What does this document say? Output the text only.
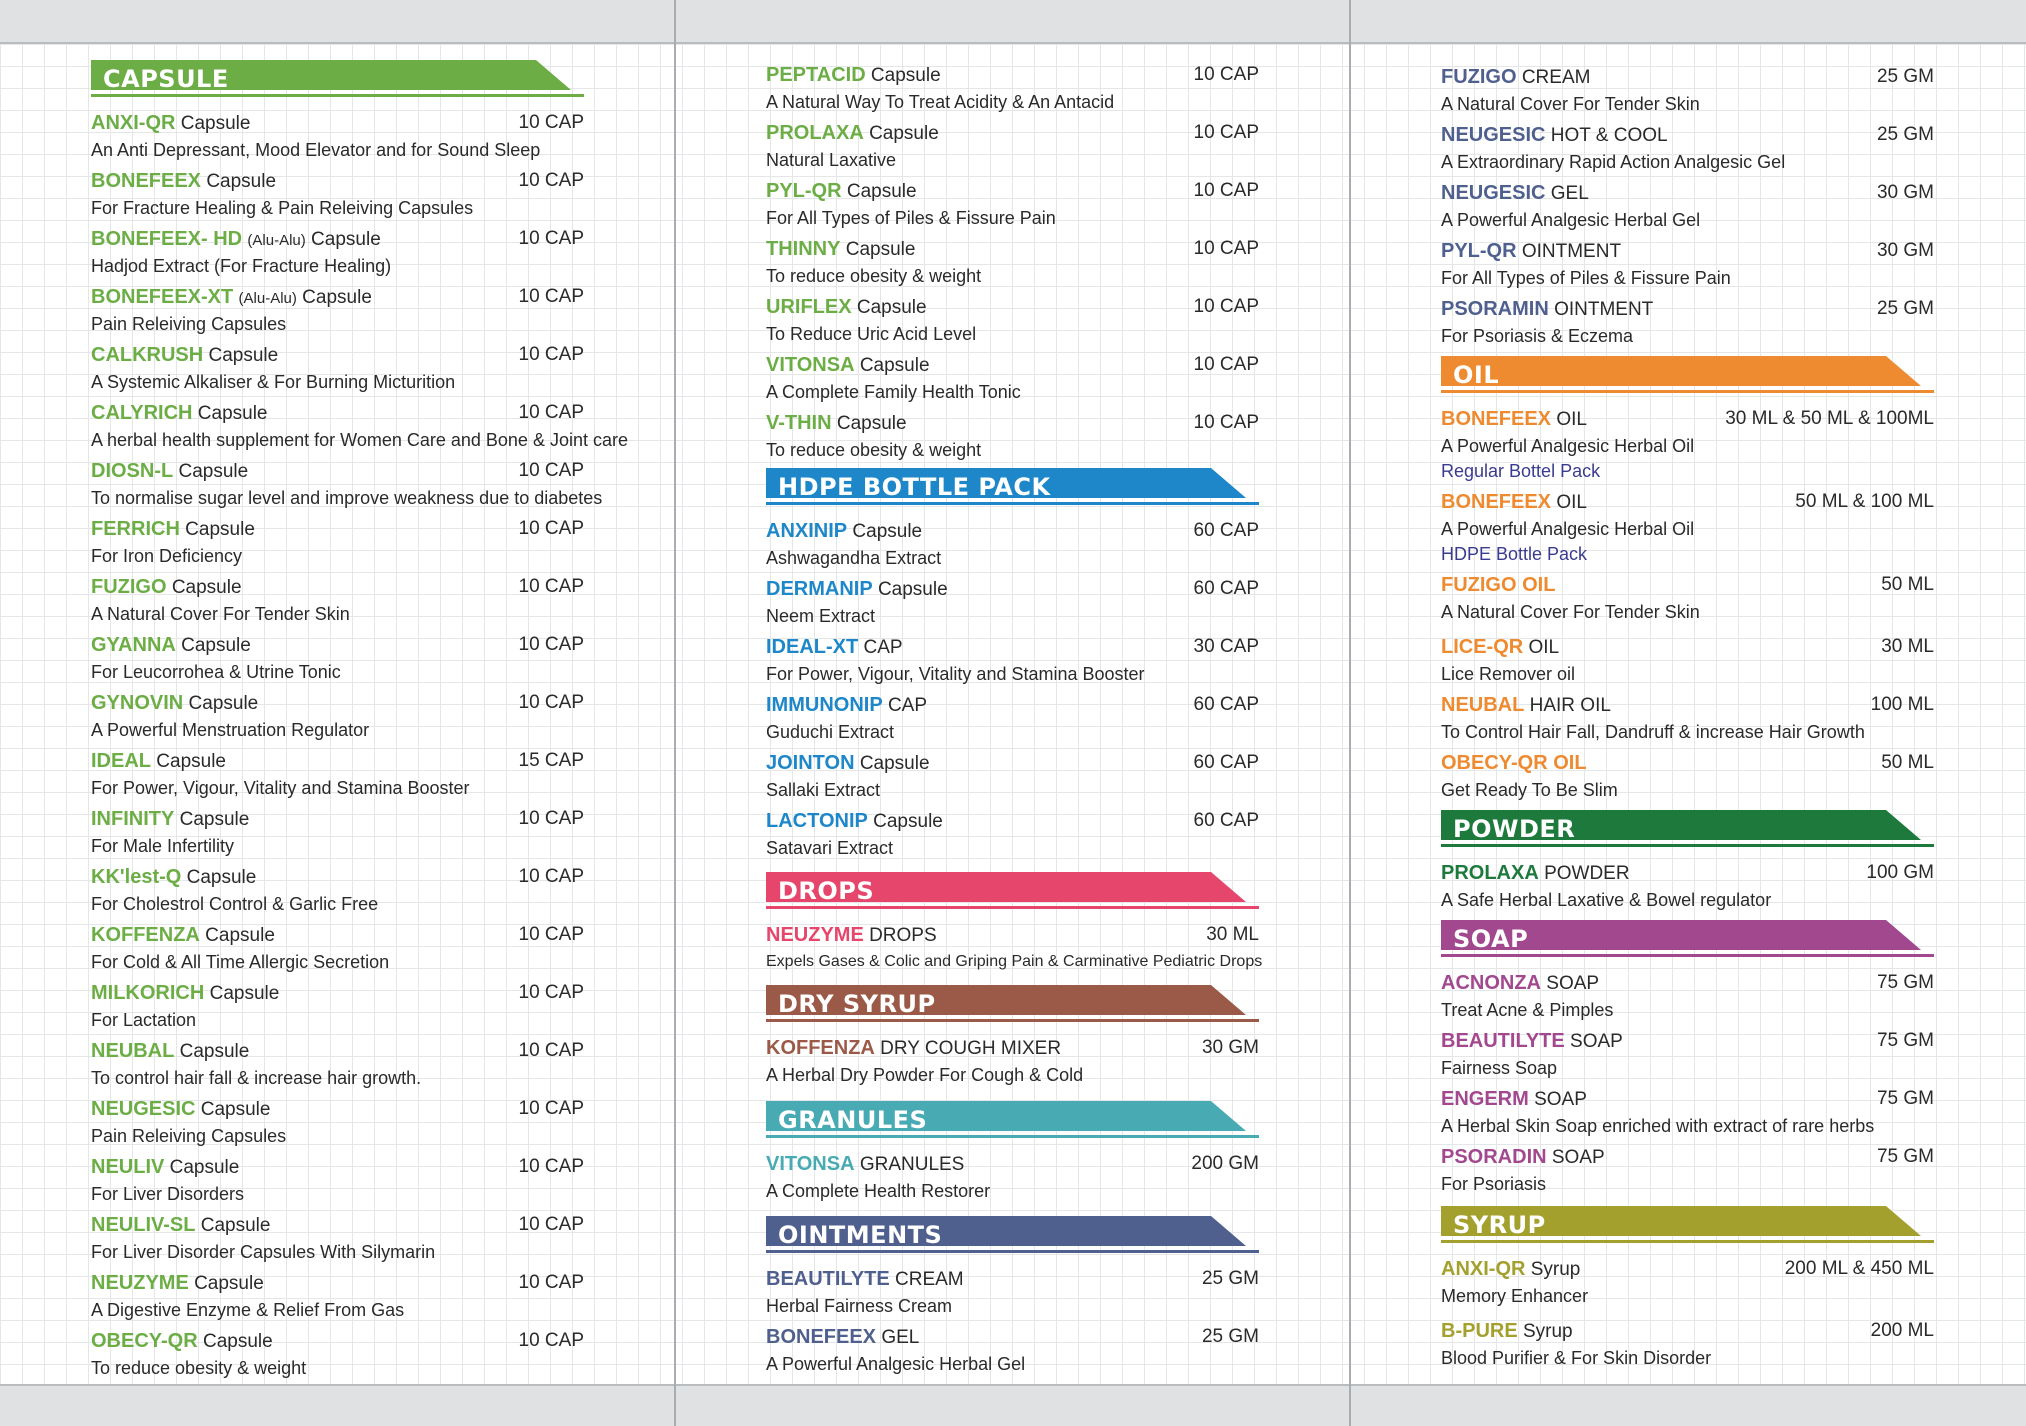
CAPSULE
ANXI-QR Capsule	10 CAP
An Anti Depressant, Mood Elevator and for Sound Sleep
BONEFEEX Capsule	10 CAP
For Fracture Healing & Pain Releiving Capsules
BONEFEEX- HD (Alu-Alu) Capsule	10 CAP
Hadjod Extract (For Fracture Healing)
BONEFEEX-XT (Alu-Alu) Capsule	10 CAP
Pain Releiving Capsules
CALKRUSH Capsule	10 CAP
A Systemic Alkaliser & For Burning Micturition
CALYRICH Capsule	10 CAP
A herbal health supplement for Women Care and Bone & Joint care
DIOSN-L Capsule	10 CAP
To normalise sugar level and improve weakness due to diabetes
FERRICH Capsule	10 CAP
For Iron Deficiency
FUZIGO Capsule	10 CAP
A Natural Cover For Tender Skin
GYANNA Capsule	10 CAP
For Leucorrohea & Utrine Tonic
GYNOVIN Capsule	10 CAP
A Powerful Menstruation Regulator
IDEAL Capsule	15 CAP
For Power, Vigour, Vitality and Stamina Booster
INFINITY Capsule	10 CAP
For Male Infertility
KK'lest-Q Capsule	10 CAP
For Cholestrol Control & Garlic Free
KOFFENZA Capsule	10 CAP
For Cold & All Time Allergic Secretion
MILKORICH Capsule	10 CAP
For Lactation
NEUBAL Capsule	10 CAP
To control hair fall & increase hair growth.
NEUGESIC Capsule	10 CAP
Pain Releiving Capsules
NEULIV Capsule	10 CAP
For Liver Disorders
NEULIV-SL Capsule	10 CAP
For Liver Disorder Capsules With Silymarin
NEUZYME Capsule	10 CAP
A Digestive Enzyme & Relief From Gas
OBECY-QR Capsule	10 CAP
To reduce obesity & weight
PEPTACID Capsule	10 CAP
A Natural Way To Treat Acidity & An Antacid
PROLAXA Capsule	10 CAP
Natural Laxative
PYL-QR Capsule	10 CAP
For All Types of Piles & Fissure Pain
THINNY Capsule	10 CAP
To reduce obesity & weight
URIFLEX Capsule	10 CAP
To Reduce Uric Acid Level
VITONSA Capsule	10 CAP
A Complete Family Health Tonic
V-THIN Capsule	10 CAP
To reduce obesity & weight
HDPE BOTTLE PACK
ANXINIP Capsule	60 CAP
Ashwagandha Extract
DERMANIP Capsule	60 CAP
Neem Extract
IDEAL-XT CAP	30 CAP
For Power, Vigour, Vitality and Stamina Booster
IMMUNONIP CAP	60 CAP
Guduchi Extract
JOINTON Capsule	60 CAP
Sallaki Extract
LACTONIP Capsule	60 CAP
Satavari Extract
DROPS
NEUZYME DROPS	30 ML
Expels Gases & Colic and Griping Pain & Carminative Pediatric Drops
DRY SYRUP
KOFFENZA DRY COUGH MIXER	30 GM
A Herbal Dry Powder For Cough & Cold
GRANULES
VITONSA GRANULES	200 GM
A Complete Health Restorer
OINTMENTS
BEAUTILYTE CREAM	25 GM
Herbal Fairness Cream
BONEFEEX GEL	25 GM
A Powerful Analgesic Herbal Gel
FUZIGO CREAM	25 GM
A Natural Cover For Tender Skin
NEUGESIC HOT & COOL	25 GM
A Extraordinary Rapid Action Analgesic Gel
NEUGESIC GEL	30 GM
A Powerful Analgesic Herbal Gel
PYL-QR OINTMENT	30 GM
For All Types of Piles & Fissure Pain
PSORAMIN OINTMENT	25 GM
For Psoriasis & Eczema
OIL
BONEFEEX OIL	30 ML & 50 ML & 100ML
A Powerful Analgesic Herbal Oil
Regular Bottel Pack
BONEFEEX OIL	50 ML & 100 ML
A Powerful Analgesic Herbal Oil
HDPE Bottle Pack
FUZIGO OIL	50 ML
A Natural Cover For Tender Skin
LICE-QR OIL	30 ML
Lice Remover oil
NEUBAL HAIR OIL	100 ML
To Control Hair Fall, Dandruff & increase Hair Growth
OBECY-QR OIL	50 ML
Get Ready To Be Slim
POWDER
PROLAXA POWDER	100 GM
A Safe Herbal Laxative & Bowel regulator
SOAP
ACNONZA SOAP	75 GM
Treat Acne & Pimples
BEAUTILYTE SOAP	75 GM
Fairness Soap
ENGERM SOAP	75 GM
A Herbal Skin Soap enriched with extract of rare herbs
PSORADIN SOAP	75 GM
For Psoriasis
SYRUP
ANXI-QR Syrup	200 ML & 450 ML
Memory Enhancer
B-PURE Syrup	200 ML
Blood Purifier & For Skin Disorder
